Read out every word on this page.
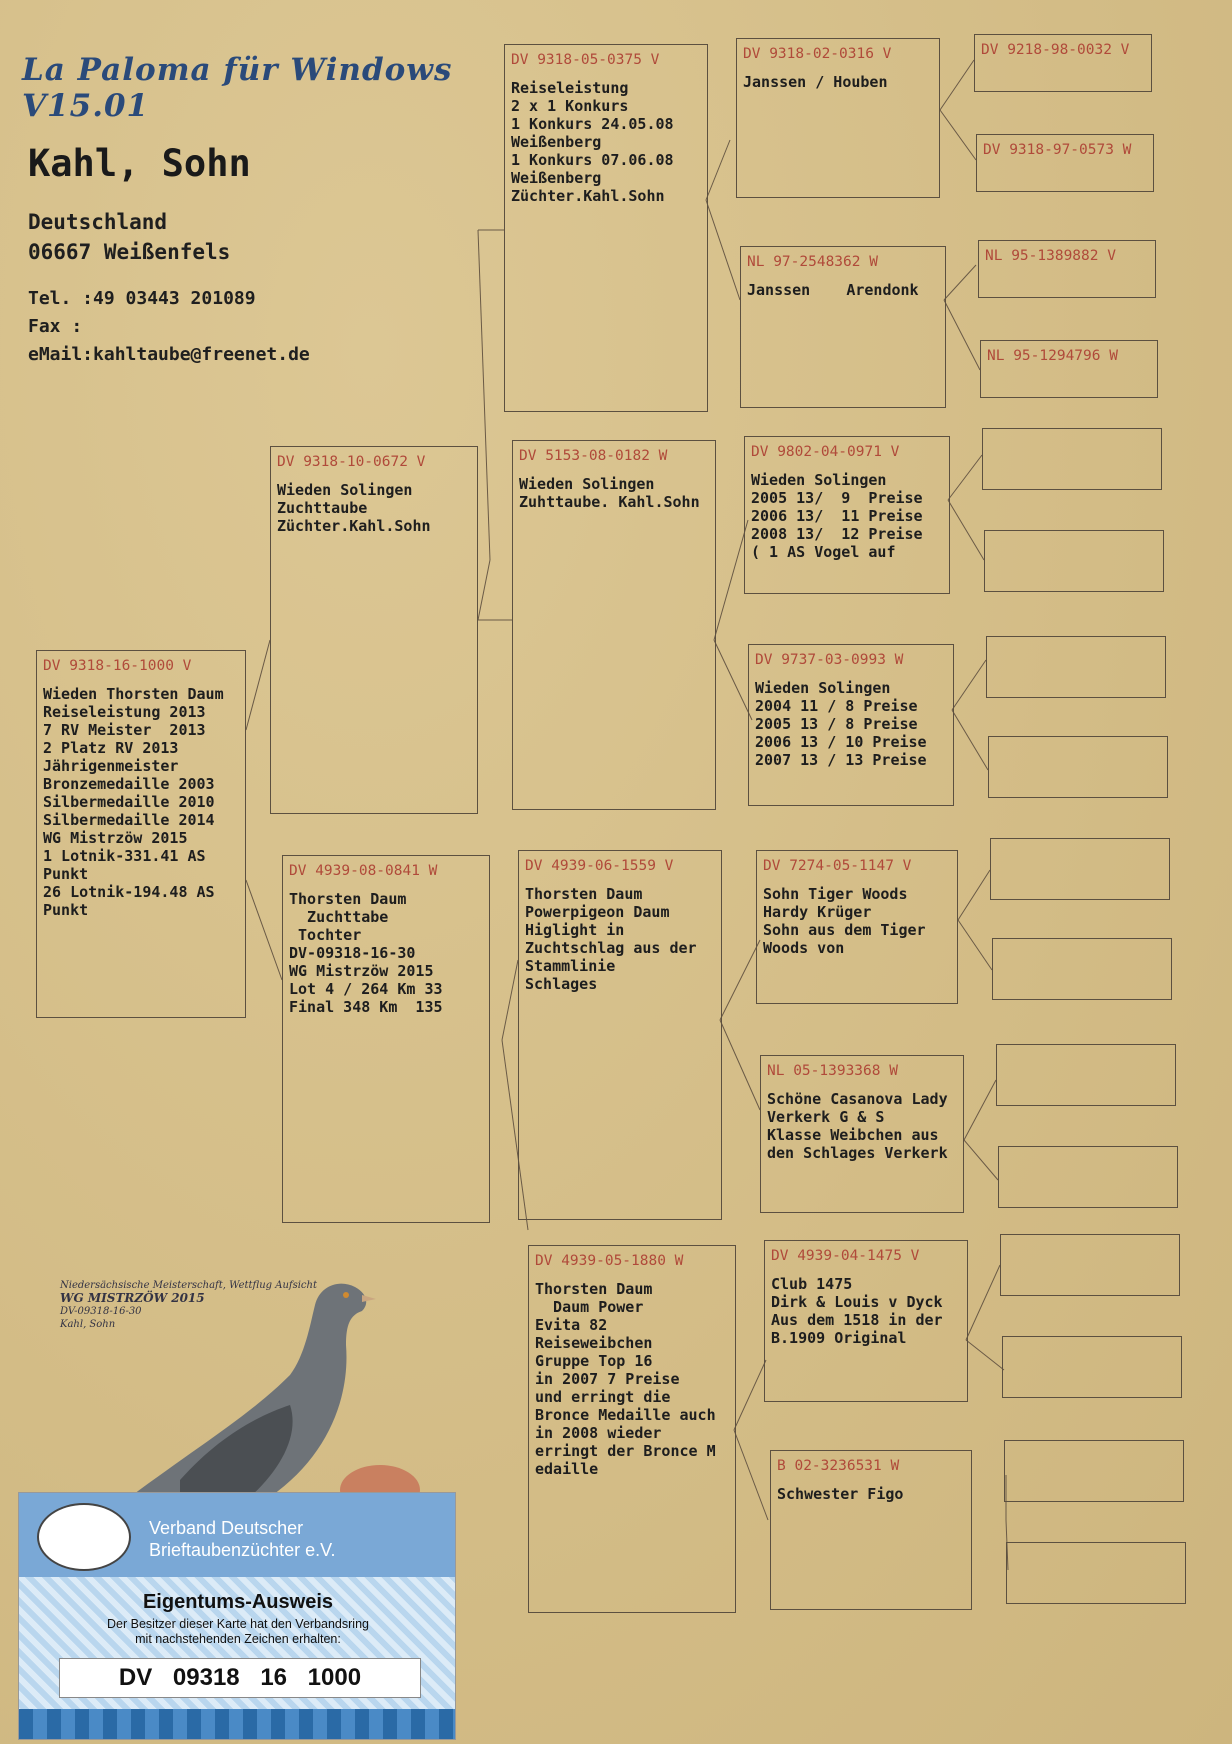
La Paloma für Windows V15.01
Kahl, Sohn
Deutschland
06667 Weißenfels
Tel. :49 03443 201089
Fax :
eMail:kahltaube@freenet.de
DV 9318-16-1000 V
Wieden Thorsten Daum
Reiseleistung 2013
7 RV Meister  2013
2 Platz RV 2013
Jährigenmeister
Bronzemedaille 2003
Silbermedaille 2010
Silbermedaille 2014
WG Mistrzöw 2015
1 Lotnik-331.41 AS
Punkt
26 Lotnik-194.48 AS
Punkt
DV 9318-10-0672 V
Wieden Solingen
Zuchttaube
Züchter.Kahl.Sohn
DV 4939-08-0841 W
Thorsten Daum
Zuchttabe
Tochter
DV-09318-16-30
WG Mistrzöw 2015
Lot 4 / 264 Km 33
Final 348 Km  135
DV 9318-05-0375 V
Reiseleistung
2 x 1 Konkurs
1 Konkurs 24.05.08
Weißenberg
1 Konkurs 07.06.08
Weißenberg
Züchter.Kahl.Sohn
DV 5153-08-0182 W
Wieden Solingen
Zuhttaube. Kahl.Sohn
DV 4939-06-1559 V
Thorsten Daum
Powerpigeon Daum
Higlight in
Zuchtschlag aus der
Stammlinie
Schlages
DV 4939-05-1880 W
Thorsten Daum
Daum Power
Evita 82
Reiseweibchen
Gruppe Top 16
in 2007 7 Preise
und erringt die
Bronce Medaille auch
in 2008 wieder
erringt der Bronce M
edaille
DV 9318-02-0316 V
Janssen / Houben
NL 97-2548362 W
Janssen    Arendonk
DV 9802-04-0971 V
Wieden Solingen
2005 13/  9  Preise
2006 13/  11 Preise
2008 13/  12 Preise
( 1 AS Vogel auf
DV 9737-03-0993 W
Wieden Solingen
2004 11 / 8 Preise
2005 13 / 8 Preise
2006 13 / 10 Preise
2007 13 / 13 Preise
DV 7274-05-1147 V
Sohn Tiger Woods
Hardy Krüger
Sohn aus dem Tiger
Woods von
NL 05-1393368 W
Schöne Casanova Lady
Verkerk G & S
Klasse Weibchen aus
den Schlages Verkerk
DV 4939-04-1475 V
Club 1475
Dirk & Louis v Dyck
Aus dem 1518 in der
B.1909 Original
B 02-3236531 W
Schwester Figo
DV 9218-98-0032 V
DV 9318-97-0573 W
NL 95-1389882 V
NL 95-1294796 W
Niedersächsische Meisterschaft, Wettflug Aufsicht
WG MISTRZÖW 2015
DV-09318-16-30
Kahl, Sohn
Verband Deutscher
Brieftaubenzüchter e.V.
Eigentums-Ausweis
Der Besitzer dieser Karte hat den Verbandsring
mit nachstehenden Zeichen erhalten:
DV 09318 16 1000
